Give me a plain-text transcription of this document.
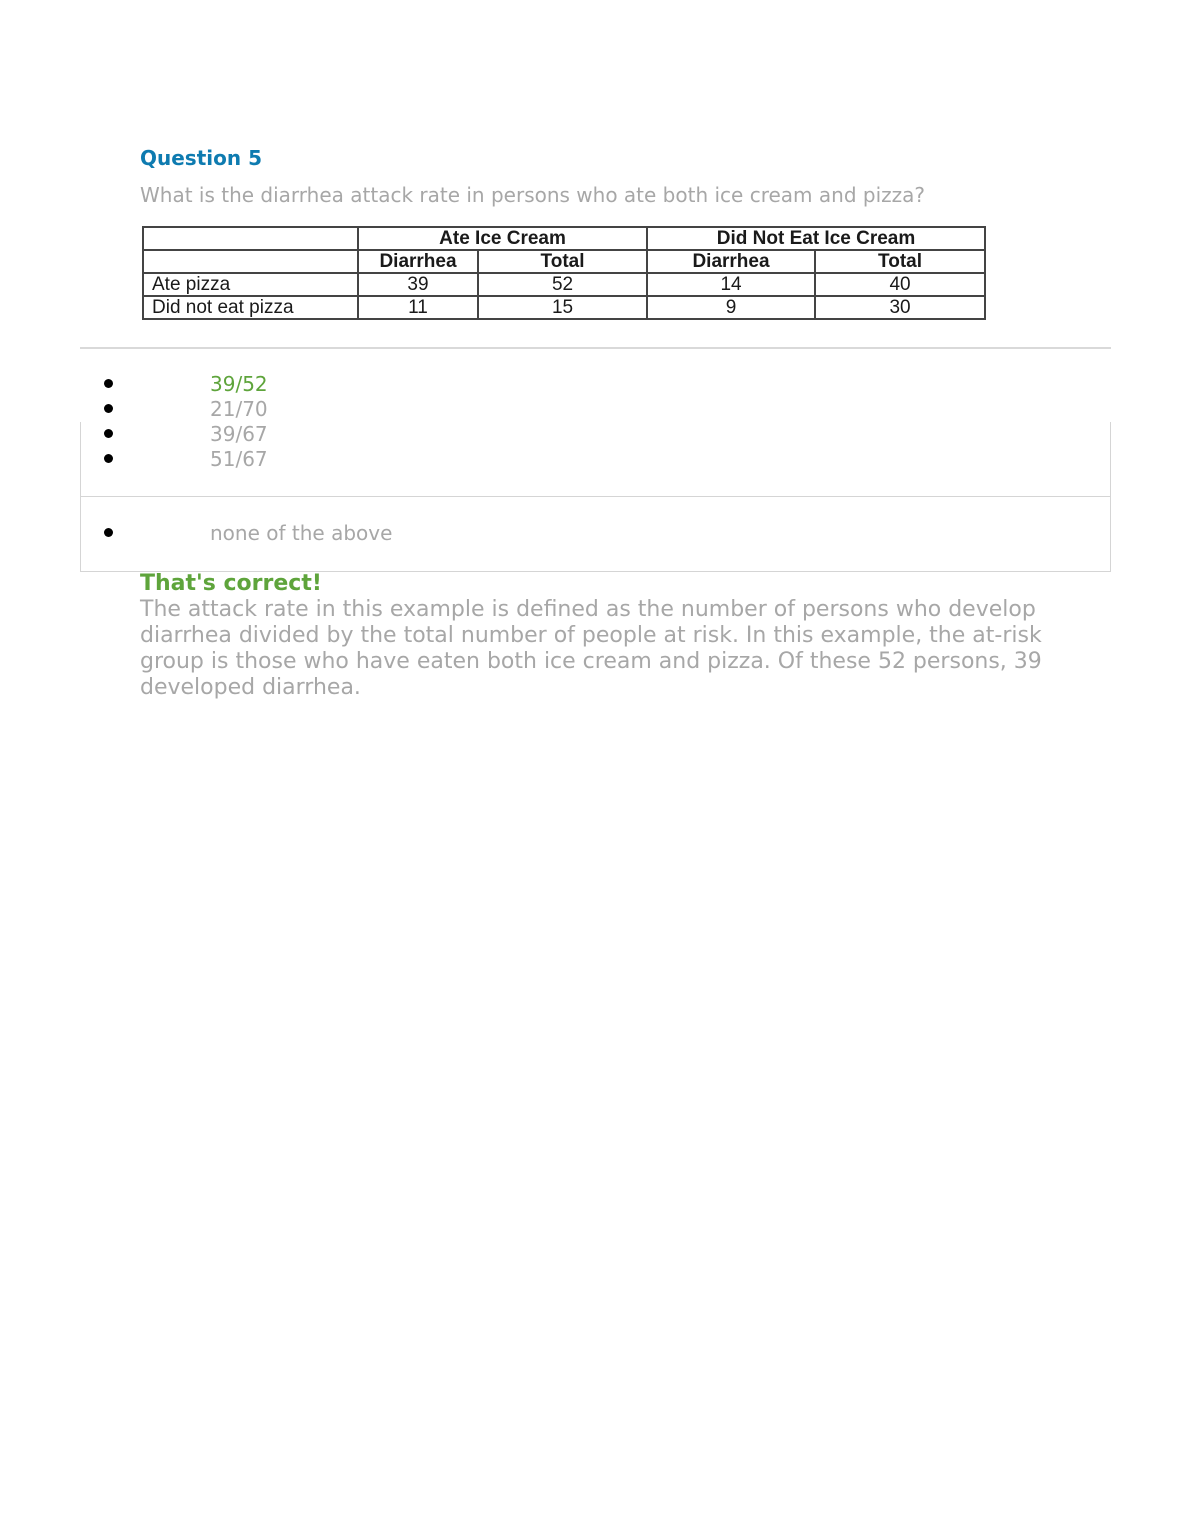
Question 5

What is the diarrhea attack rate in persons who ate both ice cream and pizza?

	Ate Ice Cream		Did Not Eat Ice Cream	
	Diarrhea	Total	Diarrhea	Total
Ate pizza	39	52	14	40
Did not eat pizza	11	15	9	30
39/52
21/70
39/67
51/67
none of the above
That's correct!

The attack rate in this example is defined as the number of persons who develop diarrhea divided by the total number of people at risk. In this example, the at-risk group is those who have eaten both ice cream and pizza. Of these 52 persons, 39 developed diarrhea.
